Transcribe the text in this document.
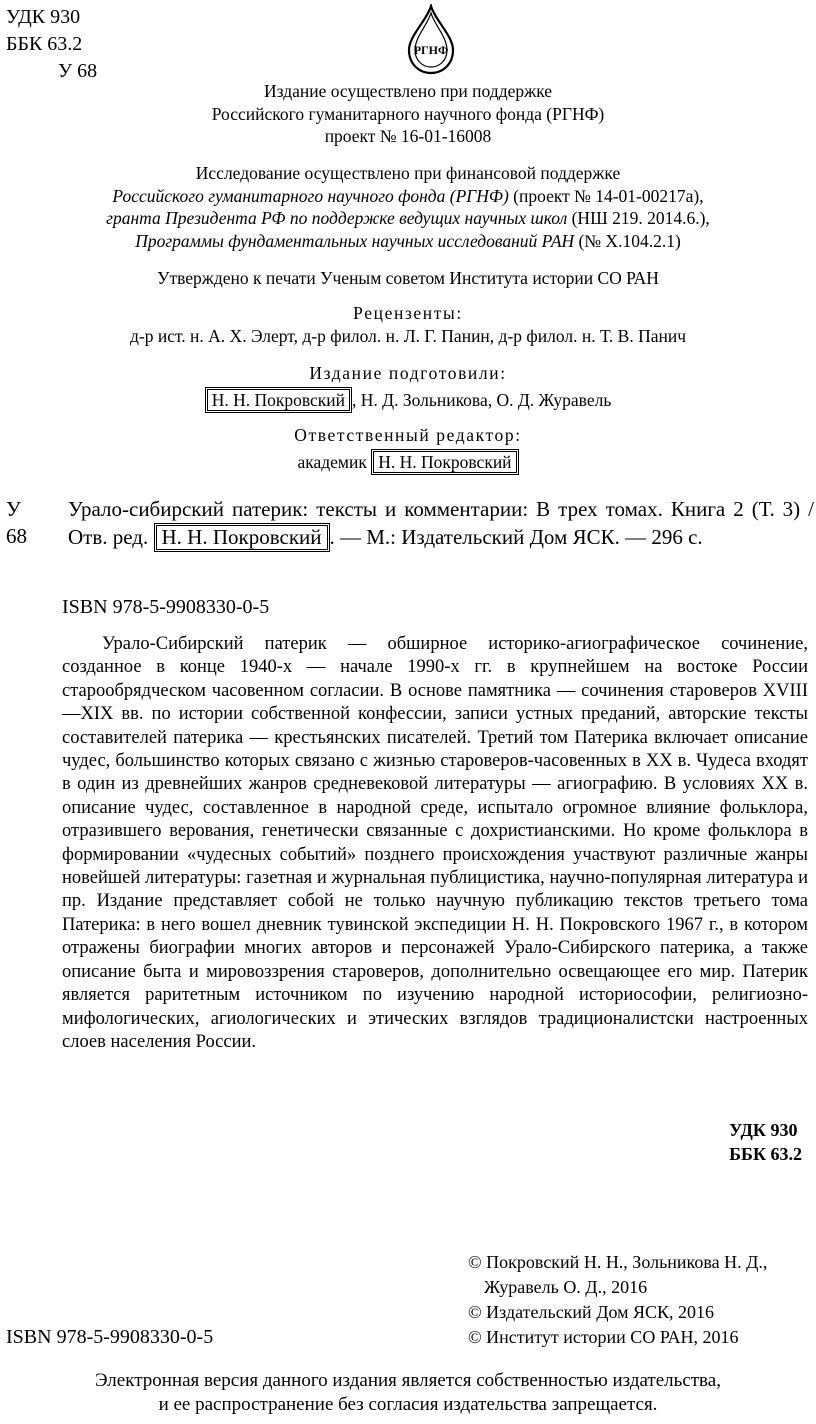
УДК 930
ББК 63.2
У 68
РГНФ
Издание осуществлено при поддержке
Российского гуманитарного научного фонда (РГНФ)
проект № 16-01-16008
Исследование осуществлено при финансовой поддержке
Российского гуманитарного научного фонда (РГНФ) (проект № 14-01-00217а),
гранта Президента РФ по поддержке ведущих научных школ (НШ 219. 2014.6.),
Программы фундаментальных научных исследований РАН (№ Х.104.2.1)
Утверждено к печати Ученым советом Института истории СО РАН
Рецензенты:
д-р ист. н. А. Х. Элерт, д-р филол. н. Л. Г. Панин, д-р филол. н. Т. В. Панич
Издание подготовили:
Н. Н. Покровский , Н. Д. Зольникова, О. Д. Журавель
Ответственный редактор:
академик Н. Н. Покровский
У 68
Урало-сибирский патерик: тексты и комментарии: В трех томах. Книга 2 (Т. 3) / Отв. ред. Н. Н. Покровский . — М.: Издательский Дом ЯСК. — 296 с.
ISBN 978-5-9908330-0-5
Урало-Сибирский патерик — обширное историко-агиографическое сочинение, созданное в конце 1940-х — начале 1990-х гг. в крупнейшем на востоке России старообрядческом часовенном согласии. В основе памятника — сочинения староверов XVIII—XIX вв. по истории собственной конфессии, записи устных преданий, авторские тексты составителей патерика — крестьянских писателей. Третий том Патерика включает описание чудес, большинство которых связано с жизнью староверов-часовенных в XX в. Чудеса входят в один из древнейших жанров средневековой литературы — агиографию. В условиях XX в. описание чудес, составленное в народной среде, испытало огромное влияние фольклора, отразившего верования, генетически связанные с дохристианскими. Но кроме фольклора в формировании «чудесных событий» позднего происхождения участвуют различные жанры новейшей литературы: газетная и журнальная публицистика, научно-популярная литература и пр. Издание представляет собой не только научную публикацию текстов третьего тома Патерика: в него вошел дневник тувинской экспедиции Н. Н. Покровского 1967 г., в котором отражены биографии многих авторов и персонажей Урало-Сибирского патерика, а также описание быта и мировоззрения староверов, дополнительно освещающее его мир. Патерик является раритетным источником по изучению народной историософии, религиозно-мифологических, агиологических и этических взглядов традиционалистски настроенных слоев населения России.
УДК 930
ББК 63.2
© Покровский Н. Н., Зольникова Н. Д.,
Журавель О. Д., 2016
© Издательский Дом ЯСК, 2016
© Институт истории СО РАН, 2016
ISBN 978-5-9908330-0-5
Электронная версия данного издания является собственностью издательства,
и ее распространение без согласия издательства запрещается.
